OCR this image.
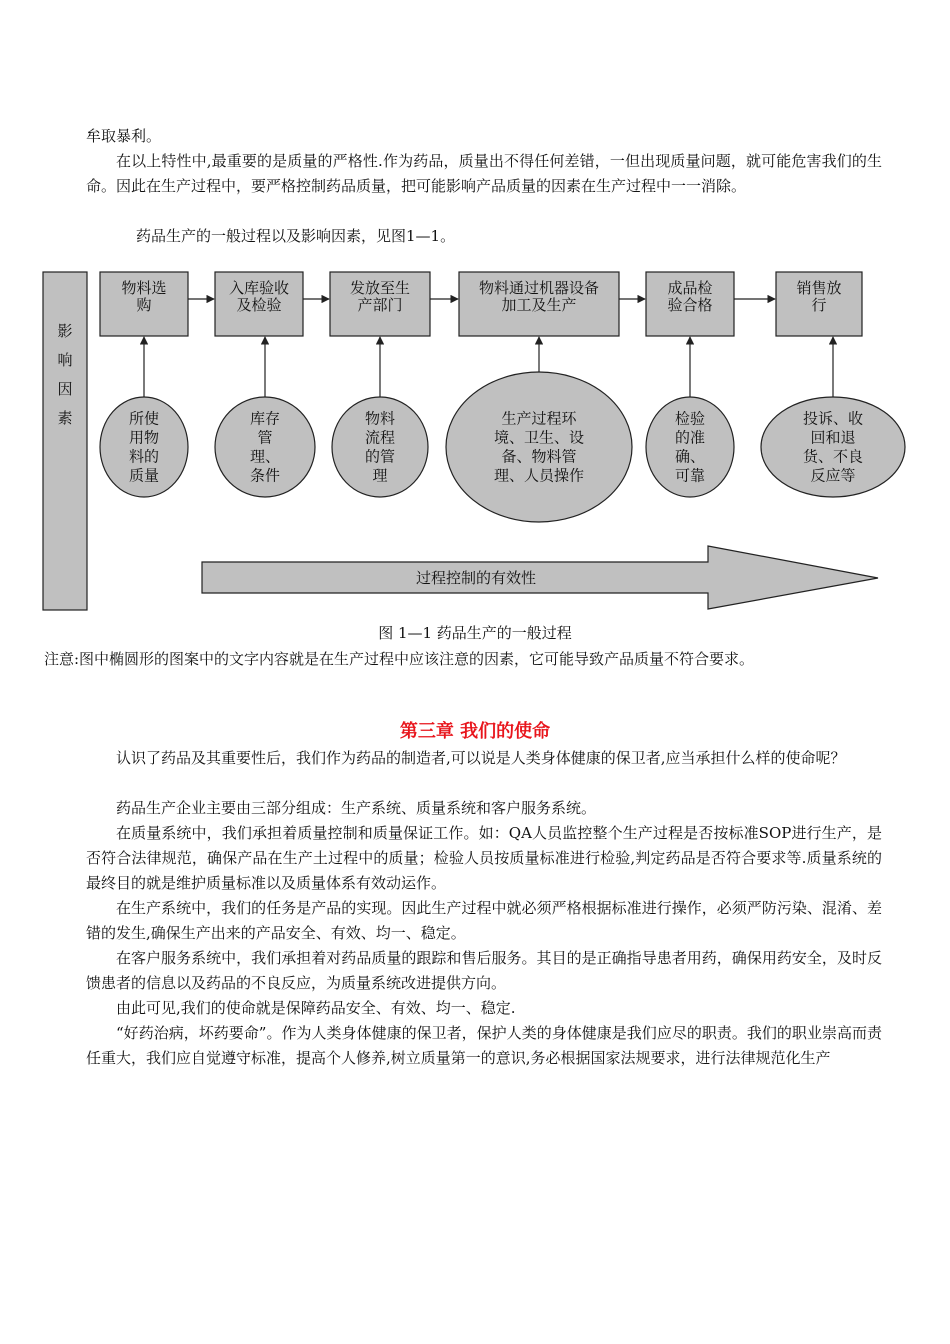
牟取暴利。

在以上特性中,最重要的是质量的严格性.作为药品，质量出不得任何差错，一但出现质量问题，就可能危害我们的生命。因此在生产过程中，要严格控制药品质量，把可能影响产品质量的因素在生产过程中一一消除。

药品生产的一般过程以及影响因素，见图1—1。

影
响
因
素
物料选
购
入库验收
及检验
发放至生
产部门
物料通过机器设备
加工及生产
成品检
验合格
销售放
行
所使
用物
料的
质量
库存
管
理、
条件
物料
流程
的管
理
生产过程环
境、卫生、设
备、物料管
理、人员操作
检验
的准
确、
可靠
投诉、收
回和退
货、不良
反应等
过程控制的有效性
图 1—1 药品生产的一般过程
注意:图中椭圆形的图案中的文字内容就是在生产过程中应该注意的因素，它可能导致产品质量不符合要求。
第三章 我们的使命

认识了药品及其重要性后，我们作为药品的制造者,可以说是人类身体健康的保卫者,应当承担什么样的使命呢？

药品生产企业主要由三部分组成：生产系统、质量系统和客户服务系统。

在质量系统中，我们承担着质量控制和质量保证工作。如：QA人员监控整个生产过程是否按标准SOP进行生产，是否符合法律规范，确保产品在生产土过程中的质量；检验人员按质量标准进行检验,判定药品是否符合要求等.质量系统的最终目的就是维护质量标准以及质量体系有效动运作。

在生产系统中，我们的任务是产品的实现。因此生产过程中就必须严格根据标准进行操作，必须严防污染、混淆、差错的发生,确保生产出来的产品安全、有效、均一、稳定。

在客户服务系统中，我们承担着对药品质量的跟踪和售后服务。其目的是正确指导患者用药，确保用药安全，及时反馈患者的信息以及药品的不良反应，为质量系统改进提供方向。

由此可见,我们的使命就是保障药品安全、有效、均一、稳定.

“好药治病，坏药要命”。作为人类身体健康的保卫者，保护人类的身体健康是我们应尽的职责。我们的职业崇高而责任重大，我们应自觉遵守标准，提高个人修养,树立质量第一的意识,务必根据国家法规要求，进行法律规范化生产
